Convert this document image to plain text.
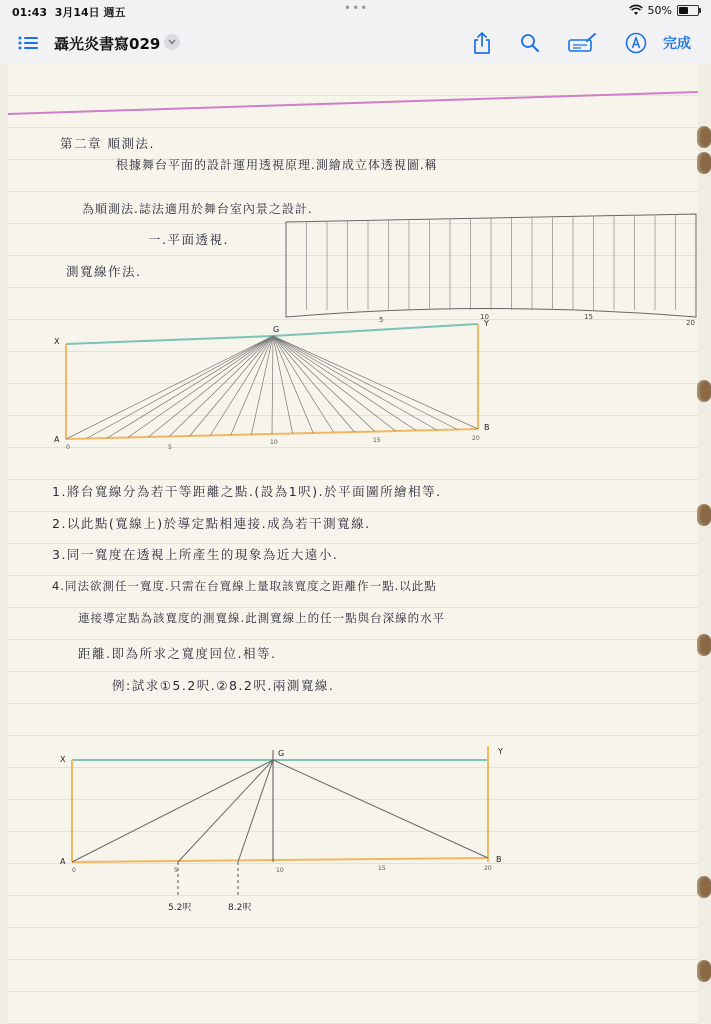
01:43 3月14日 週五	•••	50%
聶光炎書寫029	完成
第二章 順測法.
根據舞台平面的設計運用透視原理.測繪成立体透視圖.稱
為順測法.誌法適用於舞台室內景之設計.
一.平面透視.
測寬線作法.
5	10	15
20
X
G
Y
A
B
0	5
10	15	20
1.將台寬線分為若干等距離之點.(設為1呎).於平面圖所繪相等.
2.以此點(寬線上)於導定點相連接.成為若干測寬線.
3.同一寬度在透視上所產生的現象為近大遠小.
4.同法欲測任一寬度.只需在台寬線上量取該寬度之距離作一點.以此點
連接導定點為該寬度的測寬線.此測寬線上的任一點與台深線的水平
距離.即為所求之寬度回位.相等.
例:試求①5.2呎.②8.2呎.兩測寬線.
X
G	Y
A	B
0	5	10	15	20
5.2呎	8.2呎
